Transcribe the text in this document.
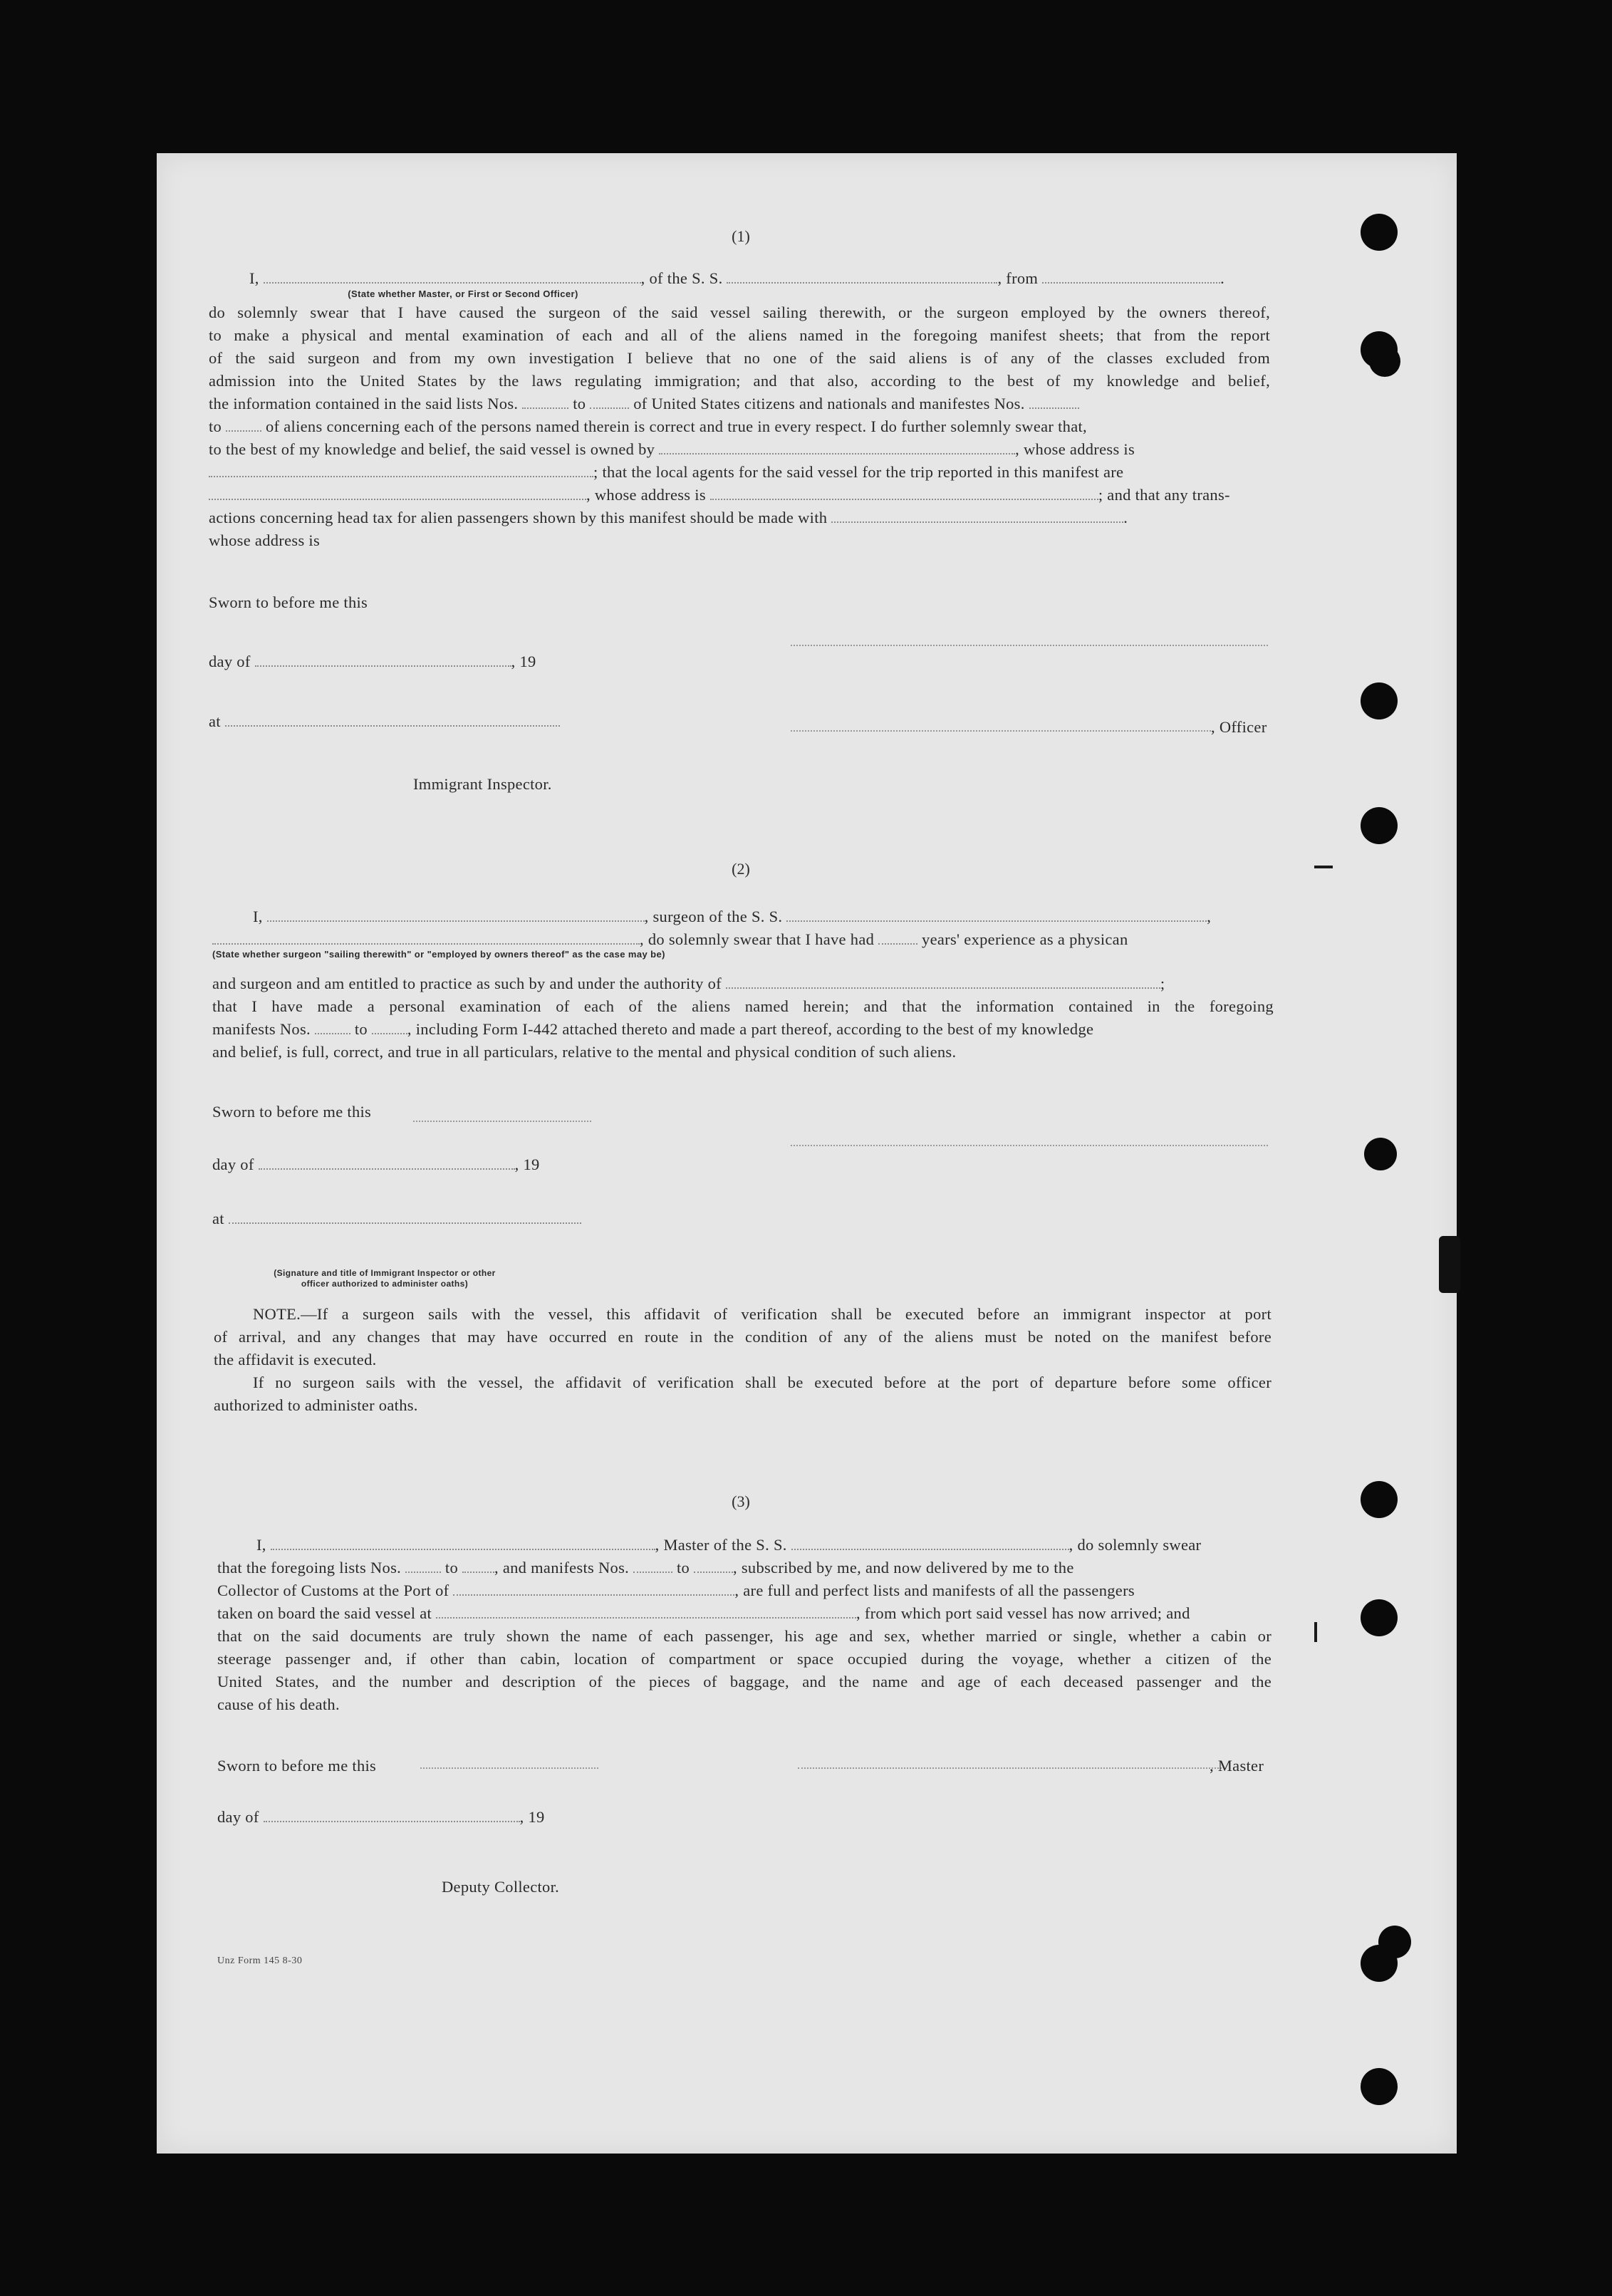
(1)
I,	, of the S. S.	, from	.
(State whether Master, or First or Second Officer)
do solemnly swear that I have caused the surgeon of the said vessel sailing therewith, or the surgeon employed by the owners thereof,
to make a physical and mental examination of each and all of the aliens named in the foregoing manifest sheets; that from the report
of the said surgeon and from my own investigation I believe that no one of the said aliens is of any of the classes excluded from
admission into the United States by the laws regulating immigration; and that also, according to the best of my knowledge and belief,
the information contained in the said lists Nos.	to	of United States citizens and nationals and manifestes Nos.
to	of aliens concerning each of the persons named therein is correct and true in every respect. I do further solemnly swear that,
to the best of my knowledge and belief, the said vessel is owned by	, whose address is
; that the local agents for the said vessel for the trip reported in this manifest are
, whose address is	; and that any trans-
actions concerning head tax for alien passengers shown by this manifest should be made with	.
whose address is
Sworn to before me this
day of	, 19
at	, Officer
Immigrant Inspector.
(2)
I,	, surgeon of the S. S.	,
, do solemnly swear that I have had	years' experience as a physican
(State whether surgeon "sailing therewith" or "employed by owners thereof" as the case may be)
and surgeon and am entitled to practice as such by and under the authority of	;
that I have made a personal examination of each of the aliens named herein; and that the information contained in the foregoing
manifests Nos.	to , including Form I-442 attached thereto and made a part thereof, according to the best of my knowledge
and belief, is full, correct, and true in all particulars, relative to the mental and physical condition of such aliens.
Sworn to before me this
day of	, 19
at
(Signature and title of Immigrant Inspector or other
officer authorized to administer oaths)
NOTE.—If a surgeon sails with the vessel, this affidavit of verification shall be executed before an immigrant inspector at port
of arrival, and any changes that may have occurred en route in the condition of any of the aliens must be noted on the manifest before
the affidavit is executed.
If no surgeon sails with the vessel, the affidavit of verification shall be executed before at the port of departure before some officer
authorized to administer oaths.
(3)
I,	, Master of the S. S.	, do solemnly swear
that the foregoing lists Nos.	to , and manifests Nos.	to	, subscribed by me, and now delivered by me to the
Collector of Customs at the Port of	, are full and perfect lists and manifests of all the passengers
taken on board the said vessel at	, from which port said vessel has now arrived; and
that on the said documents are truly shown the name of each passenger, his age and sex, whether married or single, whether a cabin or
steerage passenger and, if other than cabin, location of compartment or space occupied during the voyage, whether a citizen of the
United States, and the number and description of the pieces of baggage, and the name and age of each deceased passenger and the
cause of his death.
Sworn to before me this	, Master
day of	, 19
Deputy Collector.
Unz Form 145 8-30
